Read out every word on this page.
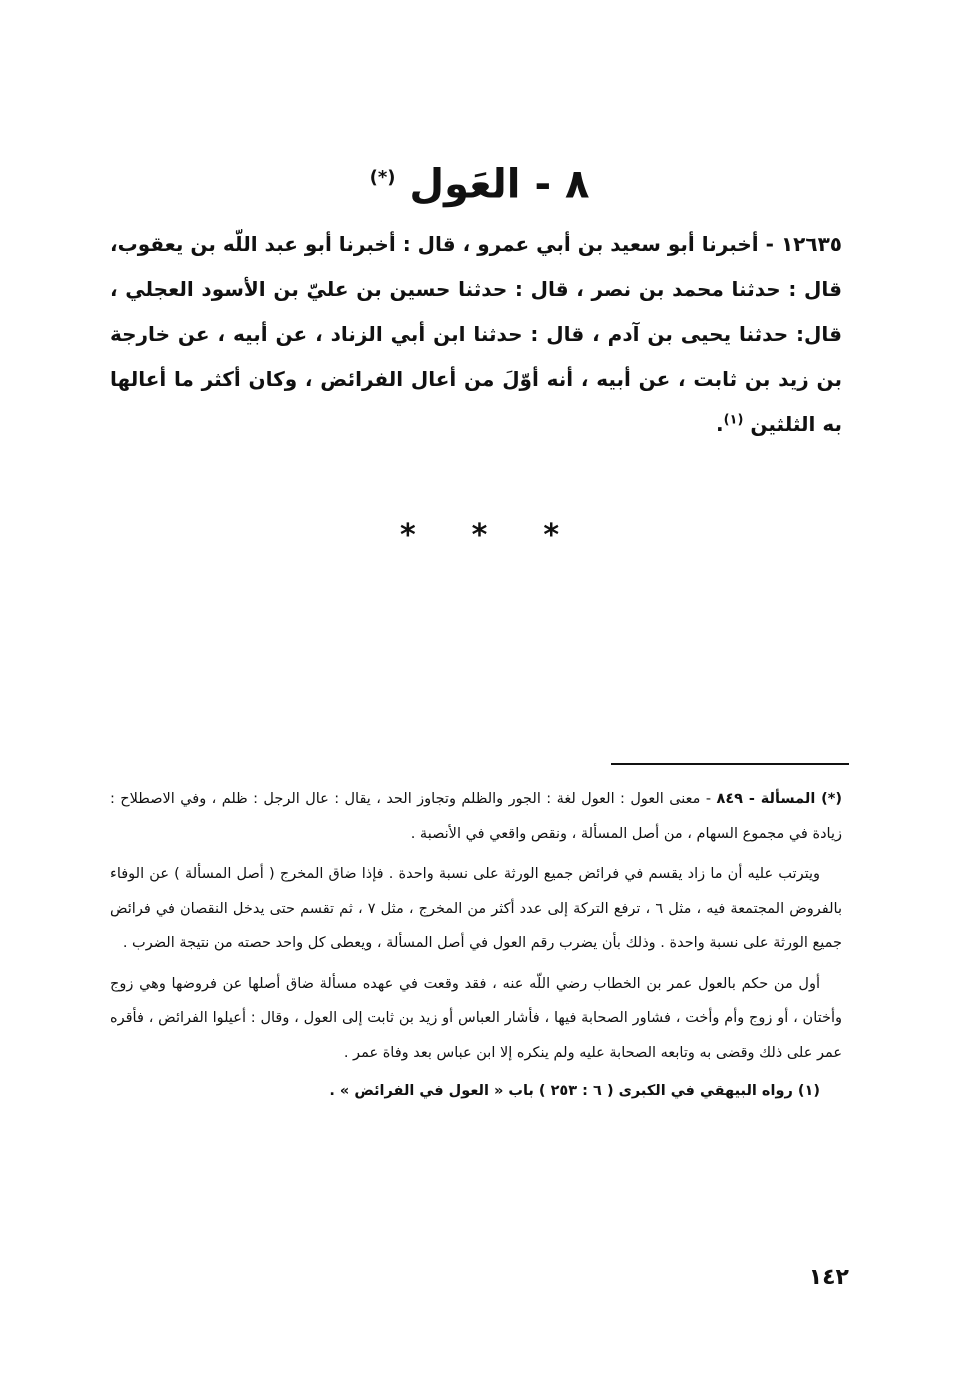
٨ - العَول (*)
١٢٦٣٥ - أخبرنا أبو سعيد بن أبي عمرو ، قال : أخبرنا أبو عبد اللّه بن يعقوب، قال : حدثنا محمد بن نصر ، قال : حدثنا حسين بن عليّ بن الأسود العجلي ، قال: حدثنا يحيى بن آدم ، قال : حدثنا ابن أبي الزناد ، عن أبيه ، عن خارجة بن زيد بن ثابت ، عن أبيه ، أنه أوّلَ من أعال الفرائض ، وكان أكثر ما أعالها به الثلثين $^{(١)}$.
***

(*) المسألة - ٨٤٩ - معنى العول : العول لغة : الجور والظلم وتجاوز الحد ، يقال : عال الرجل : ظلم ، وفي الاصطلاح : زيادة في مجموع السهام ، من أصل المسألة ، ونقص واقعي في الأنصبة .

ويترتب عليه أن ما زاد يقسم في فرائض جميع الورثة على نسبة واحدة . فإذا ضاق المخرج ( أصل المسألة ) عن الوفاء بالفروض المجتمعة فيه ، مثل ٦ ، ترفع التركة إلى عدد أكثر من المخرج ، مثل ٧ ، ثم تقسم حتى يدخل النقصان في فرائض جميع الورثة على نسبة واحدة . وذلك بأن يضرب رقم العول في أصل المسألة ، ويعطى كل واحد حصته من نتيجة الضرب .

أول من حكم بالعول عمر بن الخطاب رضي اللّه عنه ، فقد وقعت في عهده مسألة ضاق أصلها عن فروضها وهي زوج وأختان ، أو زوج وأم وأخت ، فشاور الصحابة فيها ، فأشار العباس أو زيد بن ثابت إلى العول ، وقال : أعيلوا الفرائض ، فأقره عمر على ذلك وقضى به وتابعه الصحابة عليه ولم ينكره إلا ابن عباس بعد وفاة عمر .

(١) رواه البيهقي في الكبرى ( ٦ : ٢٥٣ ) باب « العول في الفرائض » .

١٤٢
